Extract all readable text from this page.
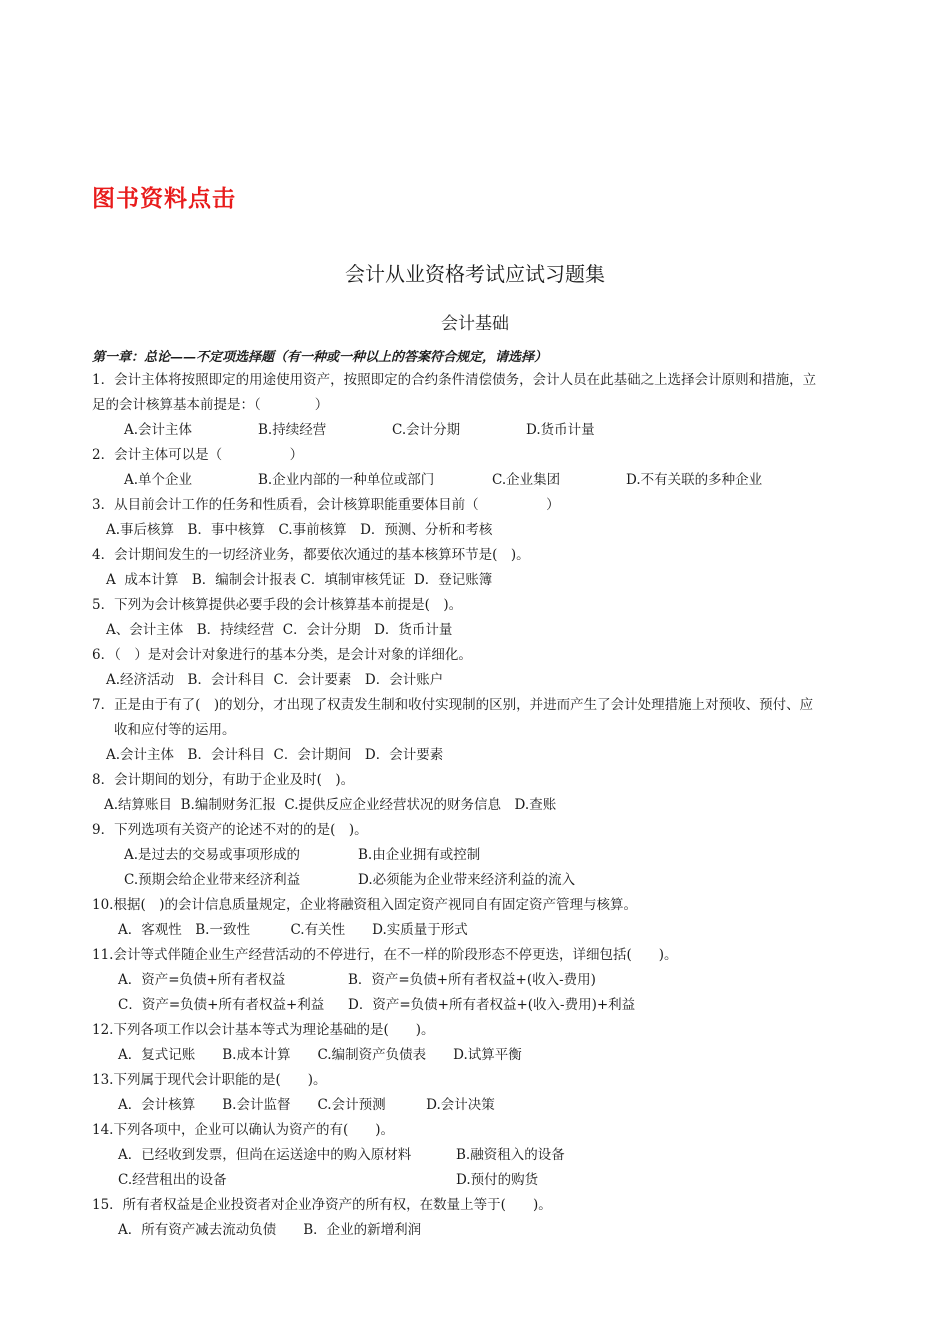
图书资料点击
会计从业资格考试应试习题集
会计基础
第一章：总论——不定项选择题（有一种或一种以上的答案符合规定，请选择）
1．会计主体将按照即定的用途使用资产，按照即定的合约条件清偿债务，会计人员在此基础之上选择会计原则和措施，立
足的会计核算基本前提是：（　　　　）
A.会计主体	B.持续经营	C.会计分期	D.货币计量
2．会计主体可以是（　　　　　）
A.单个企业	B.企业内部的一种单位或部门	C.企业集团	D.不有关联的多种企业
3．从目前会计工作的任务和性质看，会计核算职能重要体目前（　　　　　）
A.事后核算　B．事中核算　C.事前核算　D．预测、分析和考核
4．会计期间发生的一切经济业务，都要依次通过的基本核算环节是(　)。
A  成本计算　B．编制会计报表 C．填制审核凭证  D．登记账簿
5．下列为会计核算提供必要手段的会计核算基本前提是(　)。
A、会计主体　B．持续经营  C．会计分期　D．货币计量
6．（　）是对会计对象进行的基本分类，是会计对象的详细化。
A.经济活动　B．会计科目  C．会计要素　D．会计账户
7．正是由于有了(　)的划分，才出现了权责发生制和收付实现制的区别，并进而产生了会计处理措施上对预收、预付、应
收和应付等的运用。
A.会计主体　B．会计科目  C．会计期间　D．会计要素
8．会计期间的划分，有助于企业及时(　)。
A.结算账目  B.编制财务汇报  C.提供反应企业经营状况的财务信息　D.查账
9．下列选项有关资产的论述不对的的是(　)。
A.是过去的交易或事项形成的	B.由企业拥有或控制
C.预期会给企业带来经济利益	D.必须能为企业带来经济利益的流入
10.根据(　)的会计信息质量规定，企业将融资租入固定资产视同自有固定资产管理与核算。
A．客观性　B.一致性　　　C.有关性　　D.实质量于形式
11.会计等式伴随企业生产经营活动的不停进行，在不一样的阶段形态不停更迭，详细包括(　　)。
A．资产=负债+所有者权益	B．资产=负债+所有者权益+(收入-费用)
C．资产=负债+所有者权益+利益 D．资产=负债+所有者权益+(收入-费用)+利益
12.下列各项工作以会计基本等式为理论基础的是(　　)。
A．复式记账　　B.成本计算　　C.编制资产负债表　　D.试算平衡
13.下列属于现代会计职能的是(　　)。
A．会计核算　　B.会计监督　　C.会计预测　　　D.会计决策
14.下列各项中，企业可以确认为资产的有(　　)。
A．已经收到发票，但尚在运送途中的购入原材料	B.融资租入的设备
C.经营租出的设备	D.预付的购货
15．所有者权益是企业投资者对企业净资产的所有权，在数量上等于(　　)。
A．所有资产减去流动负债　　B．企业的新增利润
